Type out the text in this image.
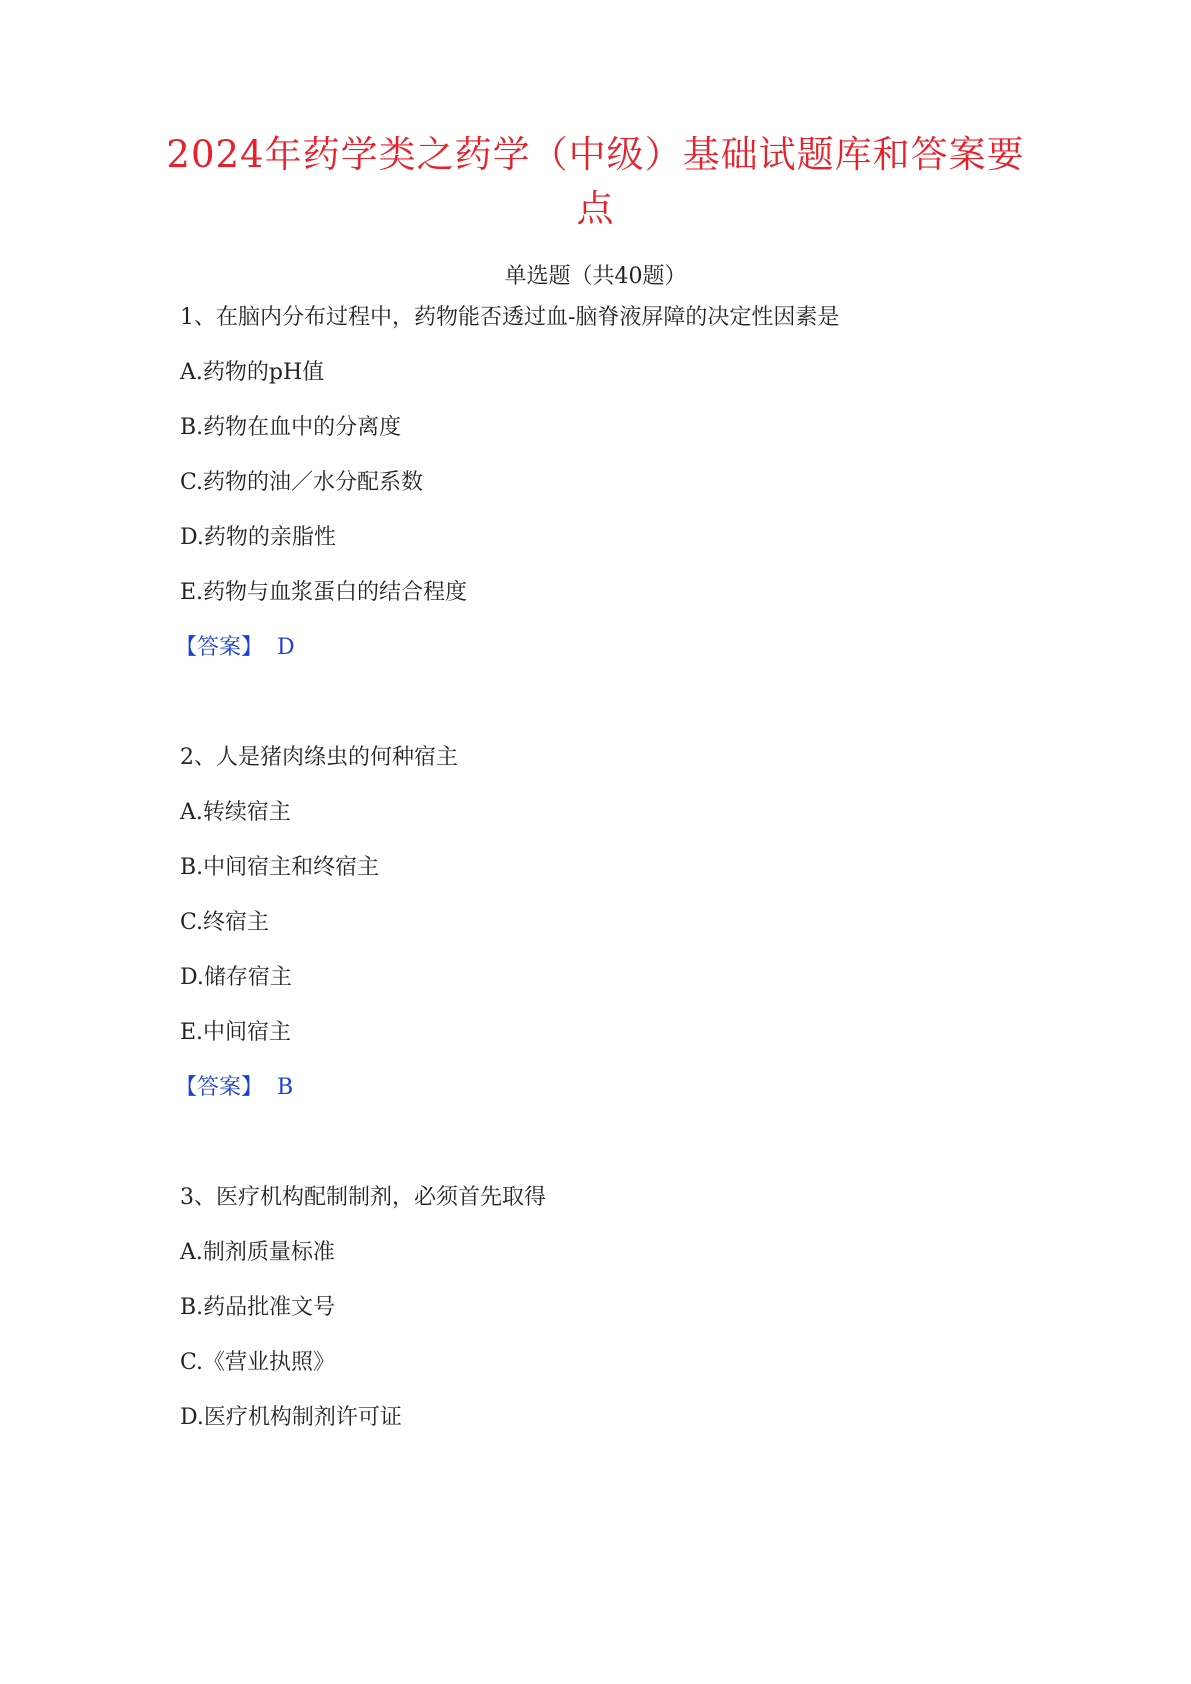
2024年药学类之药学（中级）基础试题库和答案要点
单选题（共40题）
1、在脑内分布过程中，药物能否透过血-脑脊液屏障的决定性因素是
A.药物的pH值
B.药物在血中的分离度
C.药物的油／水分配系数
D.药物的亲脂性
E.药物与血浆蛋白的结合程度
【答案】 D
2、人是猪肉绦虫的何种宿主
A.转续宿主
B.中间宿主和终宿主
C.终宿主
D.储存宿主
E.中间宿主
【答案】 B
3、医疗机构配制制剂，必须首先取得
A.制剂质量标准
B.药品批准文号
C.《营业执照》
D.医疗机构制剂许可证
